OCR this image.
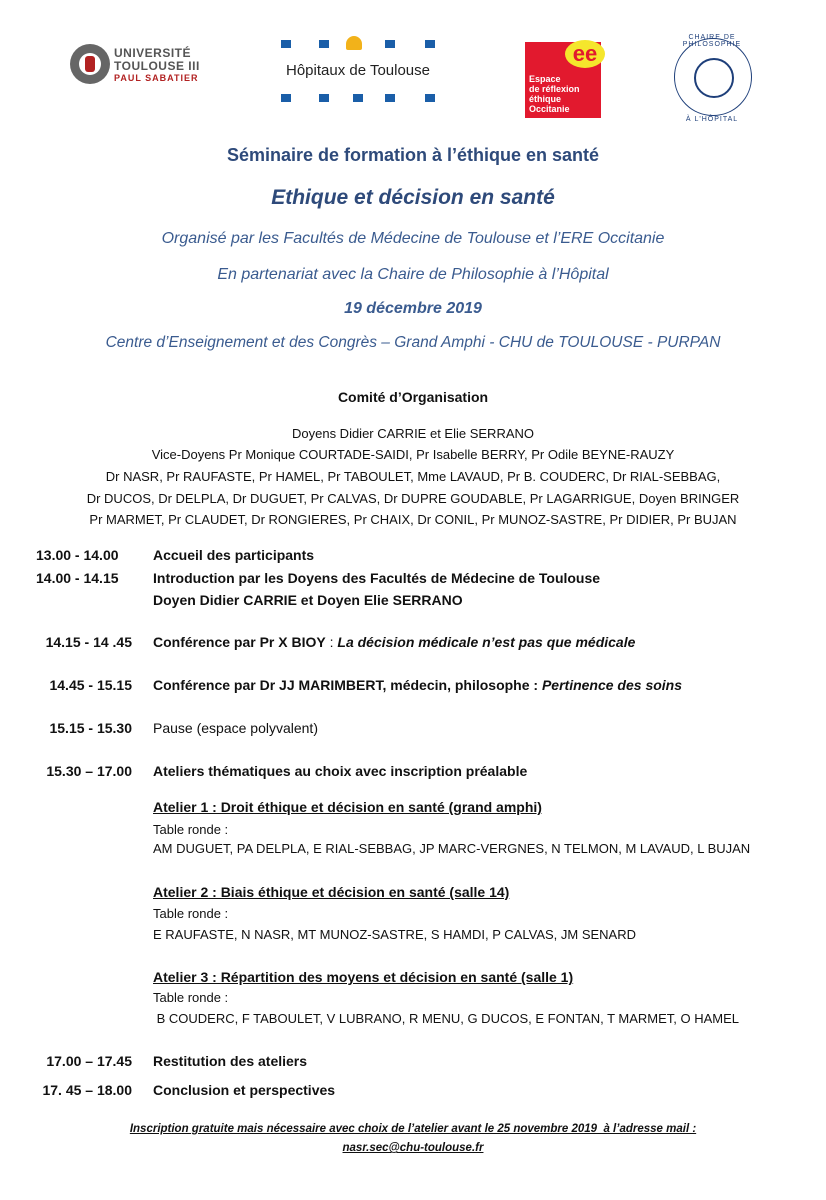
UNIVERSITÉ
TOULOUSE III
PAUL SABATIER	Hôpitaux de Toulouse
ee
Espace
de réflexion
éthique
Occitanie
CHAIRE DE PHILOSOPHIE
À L'HÔPITAL
Séminaire de formation à l’éthique en santé
Ethique et décision en santé
Organisé par les Facultés de Médecine de Toulouse et l’ERE Occitanie
En partenariat avec la Chaire de Philosophie à l’Hôpital
19 décembre 2019
Centre d’Enseignement et des Congrès – Grand Amphi - CHU de TOULOUSE - PURPAN
Comité d’Organisation
Doyens Didier CARRIE et Elie SERRANO
Vice-Doyens Pr Monique COURTADE-SAIDI, Pr Isabelle BERRY, Pr Odile BEYNE-RAUZY
Dr NASR, Pr RAUFASTE, Pr HAMEL, Pr TABOULET, Mme LAVAUD, Pr B. COUDERC, Dr RIAL-SEBBAG,
Dr DUCOS, Dr DELPLA, Dr DUGUET, Pr CALVAS, Dr DUPRE GOUDABLE, Pr LAGARRIGUE, Doyen BRINGER
Pr MARMET, Pr CLAUDET, Dr RONGIERES, Pr CHAIX, Dr CONIL, Pr MUNOZ-SASTRE, Pr DIDIER, Pr BUJAN
13.00 - 14.00 Accueil des participants
14.00 - 14.15 Introduction par les Doyens des Facultés de Médecine de Toulouse
Doyen Didier CARRIE et Doyen Elie SERRANO
14.15 - 14 .45 Conférence par Pr X BIOY : La décision médicale n’est pas que médicale
14.45 - 15.15 Conférence par Dr JJ MARIMBERT, médecin, philosophe : Pertinence des soins
15.15 - 15.30 Pause (espace polyvalent)
15.30 – 17.00 Ateliers thématiques au choix avec inscription préalable
Atelier 1 : Droit éthique et décision en santé (grand amphi)
Table ronde :
AM DUGUET, PA DELPLA, E RIAL-SEBBAG, JP MARC-VERGNES, N TELMON, M LAVAUD, L BUJAN
Atelier 2 : Biais éthique et décision en santé (salle 14)
Table ronde :
E RAUFASTE, N NASR, MT MUNOZ-SASTRE, S HAMDI, P CALVAS, JM SENARD
Atelier 3 : Répartition des moyens et décision en santé (salle 1)
Table ronde :
B COUDERC, F TABOULET, V LUBRANO, R MENU, G DUCOS, E FONTAN, T MARMET, O HAMEL
17.00 – 17.45 Restitution des ateliers
17. 45 – 18.00 Conclusion et perspectives
Inscription gratuite mais nécessaire avec choix de l’atelier avant le 25 novembre 2019  à l’adresse mail :
nasr.sec@chu-toulouse.fr
